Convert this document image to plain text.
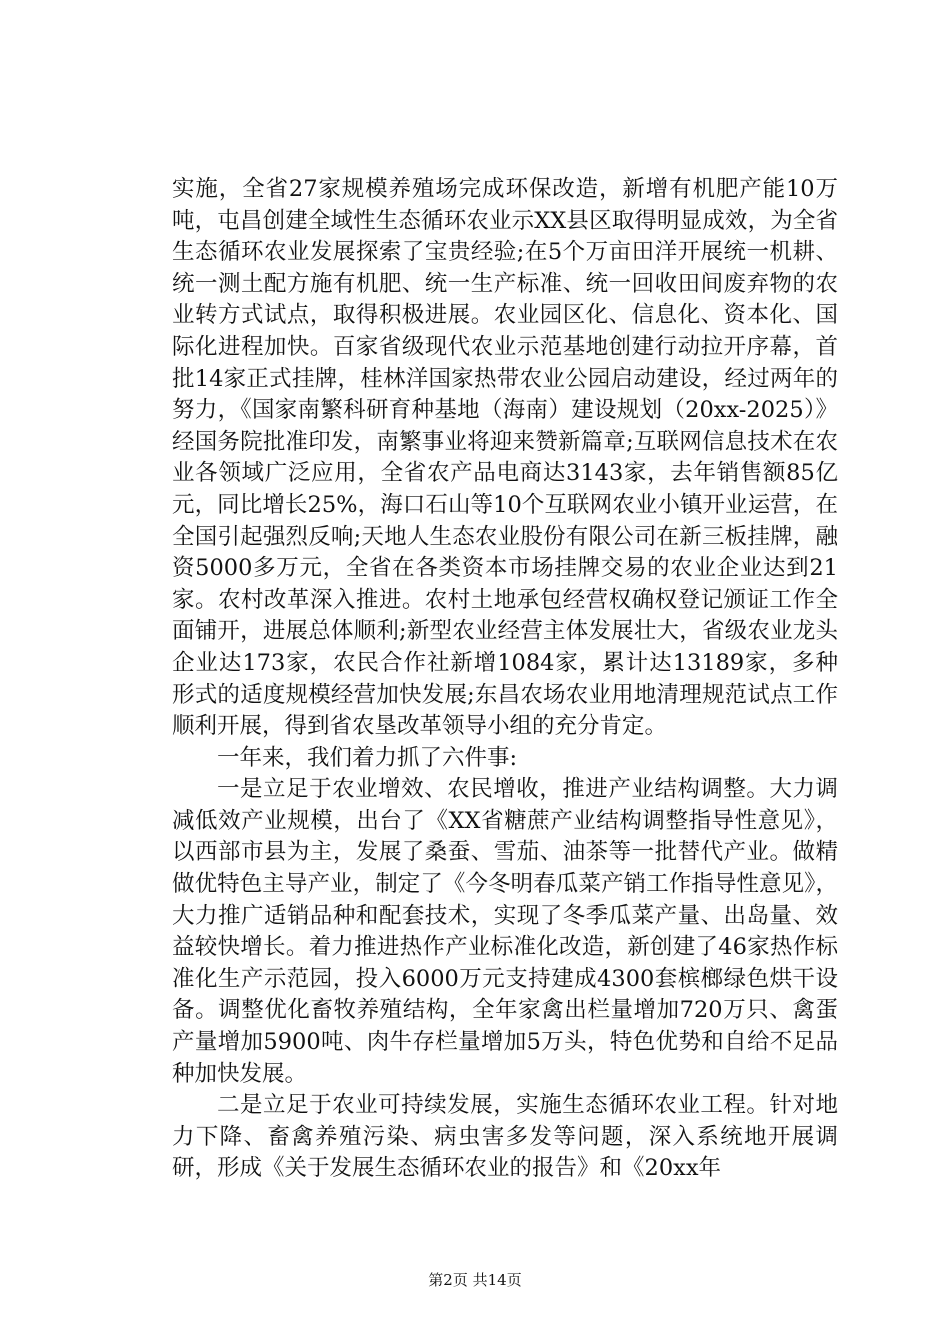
实施，全省27家规模养殖场完成环保改造，新增有机肥产能10万吨，屯昌创建全域性生态循环农业示XX县区取得明显成效，为全省生态循环农业发展探索了宝贵经验;在5个万亩田洋开展统一机耕、统一测土配方施有机肥、统一生产标准、统一回收田间废弃物的农业转方式试点，取得积极进展。农业园区化、信息化、资本化、国际化进程加快。百家省级现代农业示范基地创建行动拉开序幕，首批14家正式挂牌，桂林洋国家热带农业公园启动建设，经过两年的努力，《国家南繁科研育种基地（海南）建设规划（20xx-2025）》经国务院批准印发，南繁事业将迎来赞新篇章;互联网信息技术在农业各领域广泛应用，全省农产品电商达3143家，去年销售额85亿元，同比增长25%，海口石山等10个互联网农业小镇开业运营，在全国引起强烈反响;天地人生态农业股份有限公司在新三板挂牌，融资5000多万元，全省在各类资本市场挂牌交易的农业企业达到21家。农村改革深入推进。农村土地承包经营权确权登记颁证工作全面铺开，进展总体顺利;新型农业经营主体发展壮大，省级农业龙头企业达173家，农民合作社新增1084家，累计达13189家，多种形式的适度规模经营加快发展;东昌农场农业用地清理规范试点工作顺利开展，得到省农垦改革领导小组的充分肯定。

一年来，我们着力抓了六件事:

一是立足于农业增效、农民增收，推进产业结构调整。大力调减低效产业规模，出台了《XX省糖蔗产业结构调整指导性意见》，以西部市县为主，发展了桑蚕、雪茄、油茶等一批替代产业。做精做优特色主导产业，制定了《今冬明春瓜菜产销工作指导性意见》，大力推广适销品种和配套技术，实现了冬季瓜菜产量、出岛量、效益较快增长。着力推进热作产业标准化改造，新创建了46家热作标准化生产示范园，投入6000万元支持建成4300套槟榔绿色烘干设备。调整优化畜牧养殖结构，全年家禽出栏量增加720万只、禽蛋产量增加5900吨、肉牛存栏量增加5万头，特色优势和自给不足品种加快发展。

二是立足于农业可持续发展，实施生态循环农业工程。针对地力下降、畜禽养殖污染、病虫害多发等问题，深入系统地开展调研，形成《关于发展生态循环农业的报告》和《20xx年

第2页 共14页
